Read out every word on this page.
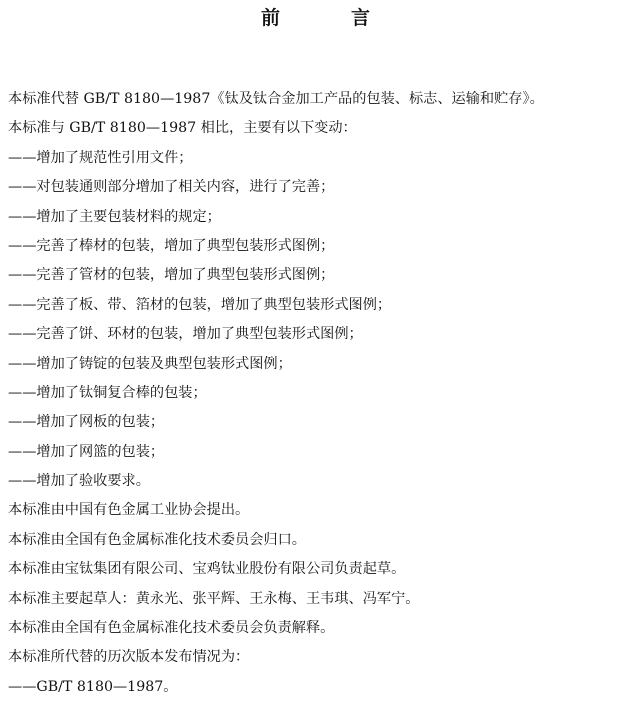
前　言
本标准代替 GB/T 8180—1987《钛及钛合金加工产品的包装、标志、运输和贮存》。
本标准与 GB/T 8180—1987 相比，主要有以下变动：
——增加了规范性引用文件；
——对包装通则部分增加了相关内容，进行了完善；
——增加了主要包装材料的规定；
——完善了棒材的包装，增加了典型包装形式图例；
——完善了管材的包装，增加了典型包装形式图例；
——完善了板、带、箔材的包装，增加了典型包装形式图例；
——完善了饼、环材的包装，增加了典型包装形式图例；
——增加了铸锭的包装及典型包装形式图例；
——增加了钛铜复合棒的包装；
——增加了网板的包装；
——增加了网篮的包装；
——增加了验收要求。
本标准由中国有色金属工业协会提出。
本标准由全国有色金属标准化技术委员会归口。
本标准由宝钛集团有限公司、宝鸡钛业股份有限公司负责起草。
本标准主要起草人：黄永光、张平辉、王永梅、王韦琪、冯军宁。
本标准由全国有色金属标准化技术委员会负责解释。
本标准所代替的历次版本发布情况为：
——GB/T 8180—1987。
